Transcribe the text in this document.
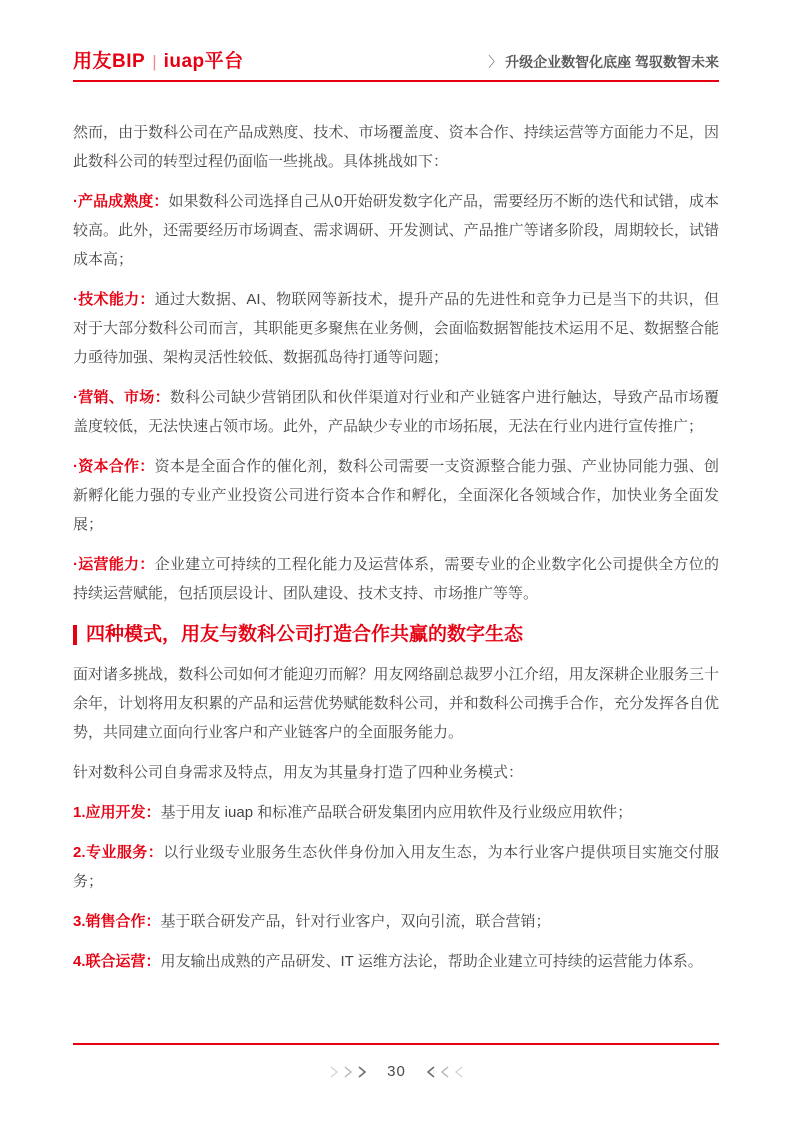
用友BIP | iuap平台	〉 升级企业数智化底座 驾驭数智未来

然而，由于数科公司在产品成熟度、技术、市场覆盖度、资本合作、持续运营等方面能力不足，因此数科公司的转型过程仍面临一些挑战。具体挑战如下：

·产品成熟度：如果数科公司选择自己从0开始研发数字化产品，需要经历不断的迭代和试错，成本较高。此外，还需要经历市场调查、需求调研、开发测试、产品推广等诸多阶段，周期较长，试错成本高；

·技术能力：通过大数据、AI、物联网等新技术，提升产品的先进性和竞争力已是当下的共识，但对于大部分数科公司而言，其职能更多聚焦在业务侧，会面临数据智能技术运用不足、数据整合能力亟待加强、架构灵活性较低、数据孤岛待打通等问题；

·营销、市场：数科公司缺少营销团队和伙伴渠道对行业和产业链客户进行触达，导致产品市场覆盖度较低，无法快速占领市场。此外，产品缺少专业的市场拓展，无法在行业内进行宣传推广；

·资本合作：资本是全面合作的催化剂，数科公司需要一支资源整合能力强、产业协同能力强、创新孵化能力强的专业产业投资公司进行资本合作和孵化，全面深化各领域合作，加快业务全面发展；

·运营能力：企业建立可持续的工程化能力及运营体系，需要专业的企业数字化公司提供全方位的持续运营赋能，包括顶层设计、团队建设、技术支持、市场推广等等。

四种模式，用友与数科公司打造合作共赢的数字生态

面对诸多挑战，数科公司如何才能迎刃而解？用友网络副总裁罗小江介绍，用友深耕企业服务三十余年，计划将用友积累的产品和运营优势赋能数科公司，并和数科公司携手合作，充分发挥各自优势，共同建立面向行业客户和产业链客户的全面服务能力。

针对数科公司自身需求及特点，用友为其量身打造了四种业务模式：

1.应用开发：基于用友 iuap 和标准产品联合研发集团内应用软件及行业级应用软件；

2.专业服务：以行业级专业服务生态伙伴身份加入用友生态，为本行业客户提供项目实施交付服务；

3.销售合作：基于联合研发产品，针对行业客户，双向引流，联合营销；

4.联合运营：用友输出成熟的产品研发、IT 运维方法论，帮助企业建立可持续的运营能力体系。

30
